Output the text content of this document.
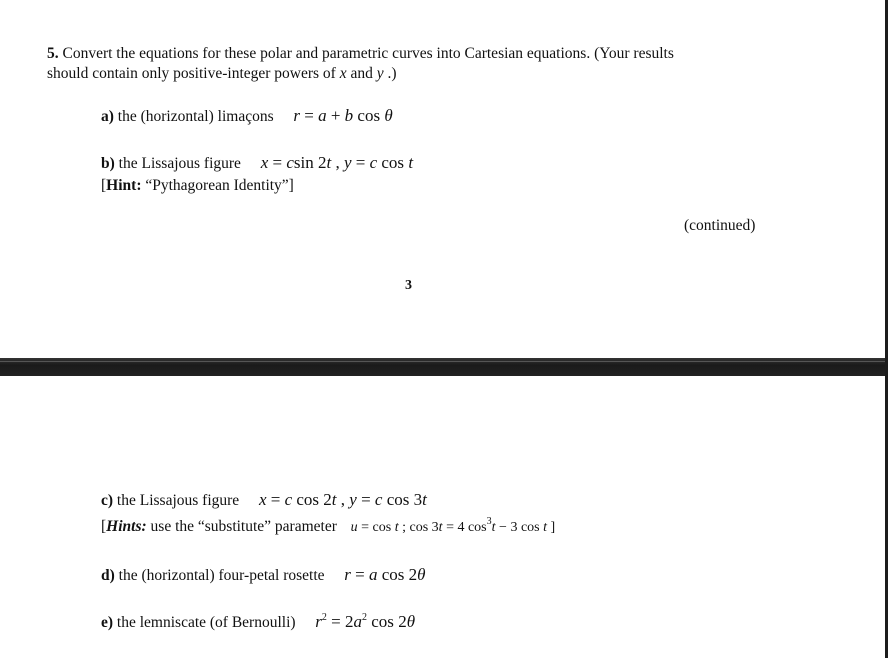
5. Convert the equations for these polar and parametric curves into Cartesian equations. (Your results
should contain only positive-integer powers of x and y .)
a) the (horizontal) limaçons r = a + b cos θ
b) the Lissajous figure x = csin 2t , y = c cos t
[Hint: “Pythagorean Identity”]
(continued)
3
c) the Lissajous figure x = c cos 2t , y = c cos 3t
[Hints: use the “substitute” parameter u = cos t ; cos 3t = 4 $\cos^3t - 3$ cos t ]
d) the (horizontal) four-petal rosette r = a cos 2θ
e) the lemniscate (of Bernoulli) $r^2 = 2a^2$ cos 2θ
